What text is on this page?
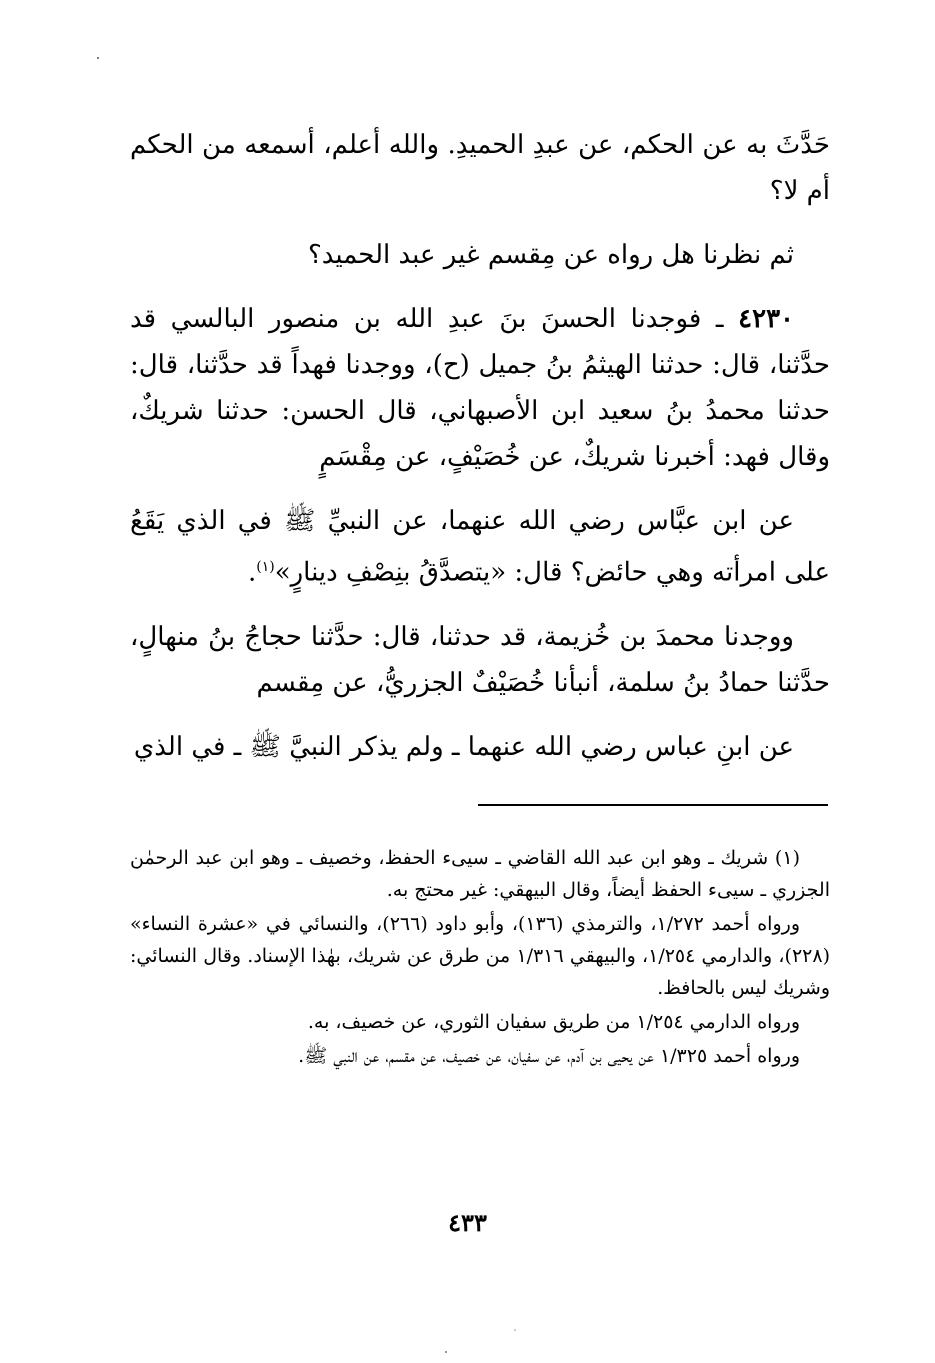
حَدَّثَ به عن الحكم، عن عبدِ الحميدِ. والله أعلم، أسمعه من الحكم أم لا؟

ثم نظرنا هل رواه عن مِقسم غير عبد الحميد؟

٤٢٣٠ ـ فوجدنا الحسنَ بنَ عبدِ الله بن منصور البالسي قد حدَّثنا، قال: حدثنا الهيثمُ بنُ جميل (ح)، ووجدنا فهداً قد حدَّثنا، قال: حدثنا محمدُ بنُ سعيد ابن الأصبهاني، قال الحسن: حدثنا شريكٌ، وقال فهد: أخبرنا شريكٌ، عن خُصَيْفٍ، عن مِقْسَمٍ

عن ابن عبَّاس رضي الله عنهما، عن النبيِّ ﷺ في الذي يَقَعُ على امرأته وهي حائض؟ قال: «يتصدَّقُ بنِصْفِ دينارٍ»$^{(١)}$.

ووجدنا محمدَ بن خُزيمة، قد حدثنا، قال: حدَّثنا حجاجُ بنُ منهالٍ، حدَّثنا حمادُ بنُ سلمة، أنبأنا خُصَيْفٌ الجزريُّ، عن مِقسم

عن ابنِ عباس رضي الله عنهما ـ ولم يذكر النبيَّ ﷺ ـ في الذي

(١) شريك ـ وهو ابن عبد الله القاضي ـ سيىء الحفظ، وخصيف ـ وهو ابن عبد الرحمٰن الجزري ـ سيىء الحفظ أيضاً، وقال البيهقي: غير محتج به.

ورواه أحمد ١/٢٧٢، والترمذي (١٣٦)، وأبو داود (٢٦٦)، والنسائي في «عشرة النساء» (٢٢٨)، والدارمي ١/٢٥٤، والبيهقي ١/٣١٦ من طرق عن شريك، بهٰذا الإسناد. وقال النسائي: وشريك ليس بالحافظ.

ورواه الدارمي ١/٢٥٤ من طريق سفيان الثوري، عن خصيف، به.

ورواه أحمد ١/٣٢٥ عن يحيى بن آدم، عن سفيان، عن خصيف، عن مقسم، عن النبي ﷺ.

٤٣٣
